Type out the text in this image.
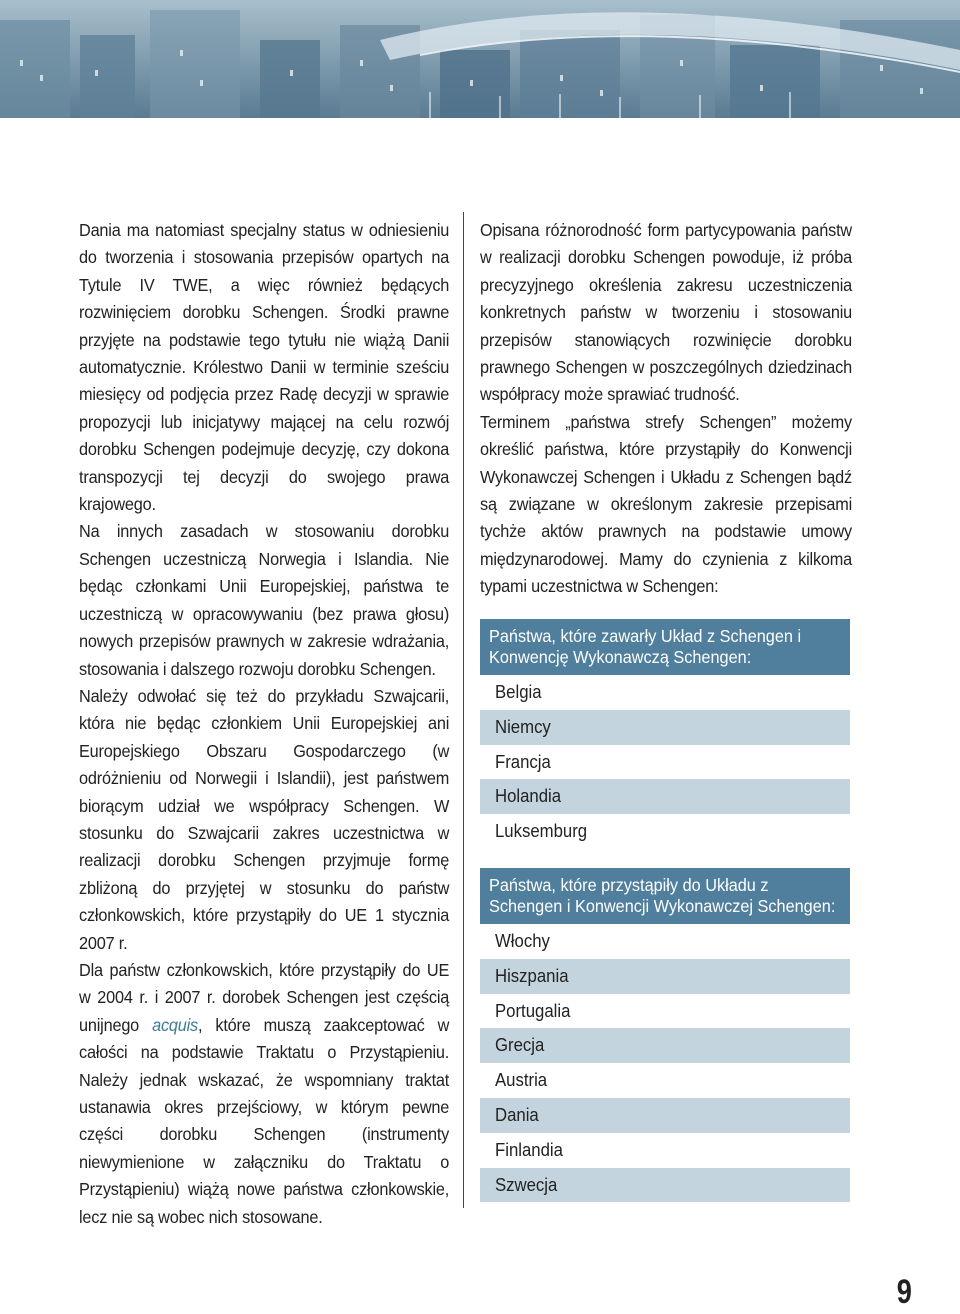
Dania ma natomiast specjalny status w odniesieniu do tworzenia i stosowania przepisów opartych na Tytule IV TWE, a więc również będących rozwinięciem dorobku Schengen. Środki prawne przyjęte na podstawie tego tytułu nie wiążą Danii automatycznie. Królestwo Danii w terminie sześciu miesięcy od podjęcia przez Radę decyzji w sprawie propozycji lub inicjatywy mającej na celu rozwój dorobku Schengen podejmuje decyzję, czy dokona transpozycji tej decyzji do swojego prawa krajowego.

Na innych zasadach w stosowaniu dorobku Schengen uczestniczą Norwegia i Islandia. Nie będąc członkami Unii Europejskiej, państwa te uczestniczą w opracowywaniu (bez prawa głosu) nowych przepisów prawnych w zakresie wdrażania, stosowania i dalszego rozwoju dorobku Schengen.

Należy odwołać się też do przykładu Szwajcarii, która nie będąc członkiem Unii Europejskiej ani Europejskiego Obszaru Gospodarczego (w odróżnieniu od Norwegii i Islandii), jest państwem biorącym udział we współpracy Schengen. W stosunku do Szwajcarii zakres uczestnictwa w realizacji dorobku Schengen przyjmuje formę zbliżoną do przyjętej w stosunku do państw członkowskich, które przystąpiły do UE 1 stycznia 2007 r.

Dla państw członkowskich, które przystąpiły do UE w 2004 r. i 2007 r. dorobek Schengen jest częścią unijnego acquis, które muszą zaakceptować w całości na podstawie Traktatu o Przystąpieniu. Należy jednak wskazać, że wspomniany traktat ustanawia okres przejściowy, w którym pewne części dorobku Schengen (instrumenty niewymienione w załączniku do Traktatu o Przystąpieniu) wiążą nowe państwa członkowskie, lecz nie są wobec nich stosowane.

Opisana różnorodność form partycypowania państw w realizacji dorobku Schengen powoduje, iż próba precyzyjnego określenia zakresu uczestniczenia konkretnych państw w tworzeniu i stosowaniu przepisów stanowiących rozwinięcie dorobku prawnego Schengen w poszczególnych dziedzinach współpracy może sprawiać trudność.

Terminem „państwa strefy Schengen” możemy określić państwa, które przystąpiły do Konwencji Wykonawczej Schengen i Układu z Schengen bądź są związane w określonym zakresie przepisami tychże aktów prawnych na podstawie umowy międzynarodowej. Mamy do czynienia z kilkoma typami uczestnictwa w Schengen:

Państwa, które zawarły Układ z Schengen i Konwencję Wykonawczą Schengen:
Belgia
Niemcy
Francja
Holandia
Luksemburg
Państwa, które przystąpiły do Układu z Schengen i Konwencji Wykonawczej Schengen:
Włochy
Hiszpania
Portugalia
Grecja
Austria
Dania
Finlandia
Szwecja
9
